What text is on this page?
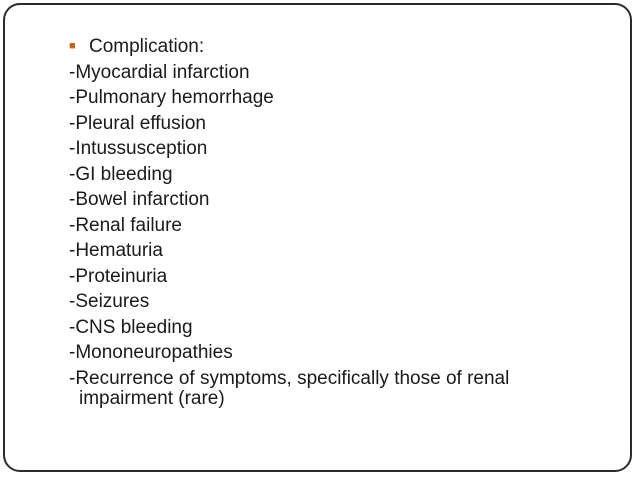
■ Complication:
-Myocardial infarction
-Pulmonary hemorrhage
-Pleural effusion
-Intussusception
-GI bleeding
-Bowel infarction
-Renal failure
-Hematuria
-Proteinuria
-Seizures
-CNS bleeding
-Mononeuropathies
-Recurrence of symptoms, specifically those of renal
impairment (rare)
